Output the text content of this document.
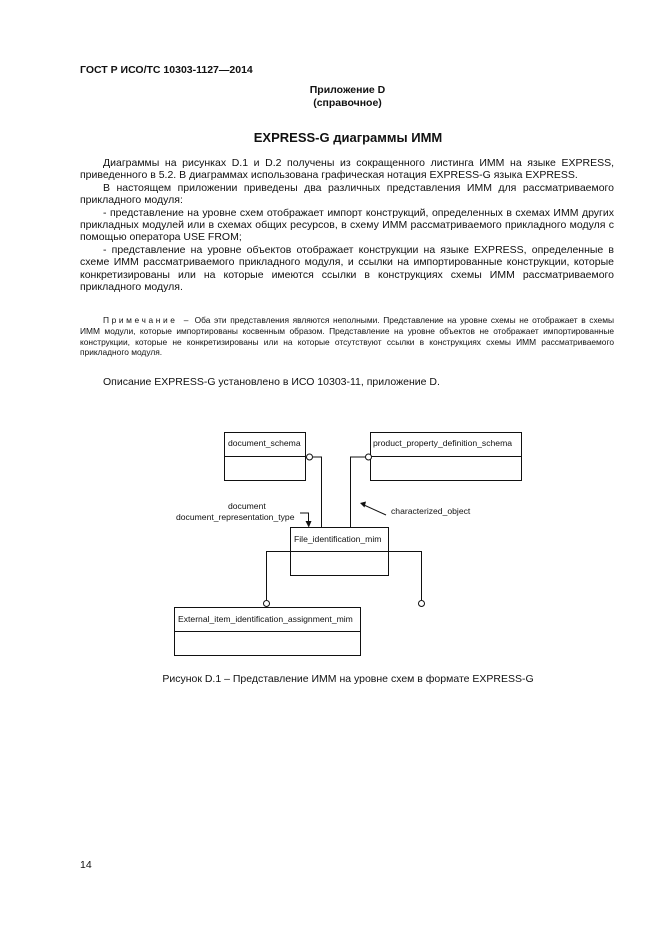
ГОСТ Р ИСО/ТС 10303-1127—2014
Приложение D
(справочное)
EXPRESS-G диаграммы ИММ

Диаграммы на рисунках D.1 и D.2 получены из сокращенного листинга ИММ на языке EXPRESS, приведенного в 5.2. В диаграммах использована графическая нотация EXPRESS-G языка EXPRESS.

В настоящем приложении приведены два различных представления ИММ для рассматриваемого прикладного модуля:

- представление на уровне схем отображает импорт конструкций, определенных в схемах ИММ других прикладных модулей или в схемах общих ресурсов, в схему ИММ рассматриваемого прикладного модуля с помощью оператора USE FROM;

- представление на уровне объектов отображает конструкции на языке EXPRESS, определенные в схеме ИММ рассматриваемого прикладного модуля, и ссылки на импортированные конструкции, которые конкретизированы или на которые имеются ссылки в конструкциях схемы ИММ рассматриваемого прикладного модуля.

Примечание – Оба эти представления являются неполными. Представление на уровне схемы не отображает в схемы ИММ модули, которые импортированы косвенным образом. Представление на уровне объектов не отображает импортированные конструкции, которые не конкретизированы или на которые отсутствуют ссылки в конструкциях схемы ИММ рассматриваемого прикладного модуля.
Описание EXPRESS-G установлено в ИСО 10303-11, приложение D.
document_schema	product_property_definition_schema
File_identification_mim
External_item_identification_assignment_mim
document
document_representation_type
characterized_object
Рисунок D.1 – Представление ИММ на уровне схем в формате EXPRESS-G
14
